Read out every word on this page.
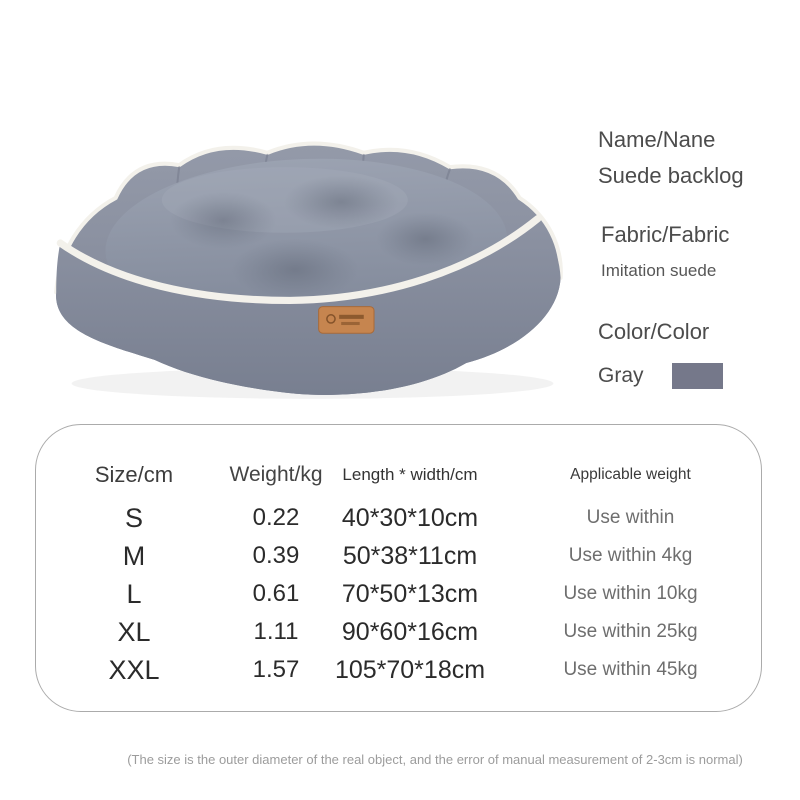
Name/Nane
Suede backlog
Fabric/Fabric
Imitation suede
Color/Color
Gray
Size/cm	Weight/kg Length * width/cm	Applicable weight
S	0.22 40*30*10cm	Use within
M	0.39 50*38*11cm	Use within 4kg
L	0.61 70*50*13cm	Use within 10kg
XL	1.11 90*60*16cm	Use within 25kg
XXL	1.57 105*70*18cm	Use within 45kg
(The size is the outer diameter of the real object, and the error of manual measurement of 2-3cm is normal)
